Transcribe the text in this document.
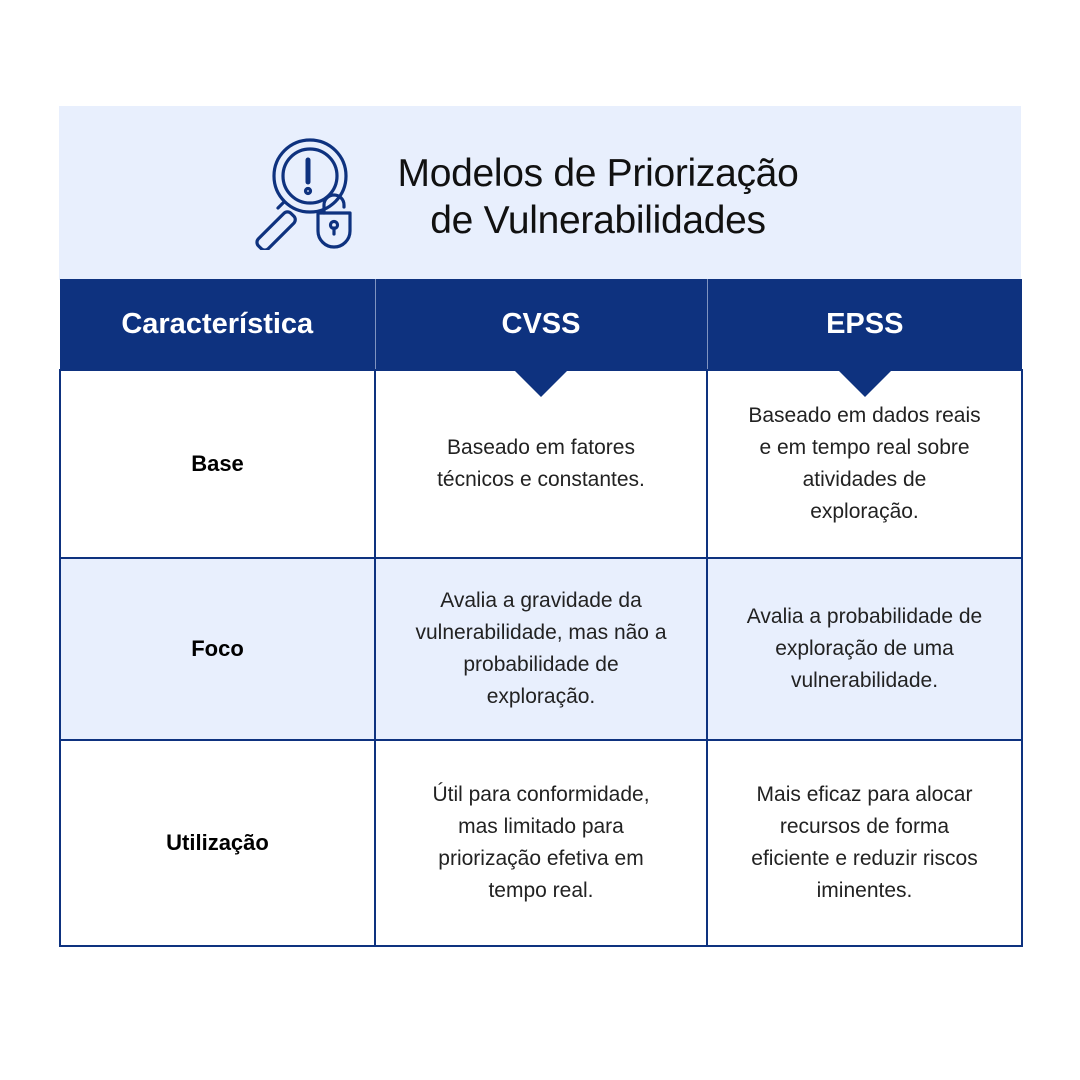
Modelos de Priorização
de Vulnerabilidades
Característica	CVSS	EPSS

Base	Baseado em fatores técnicos e constantes.	Baseado em dados reais e em tempo real sobre atividades de exploração.
Foco	Avalia a gravidade da vulnerabilidade, mas não a probabilidade de exploração.	Avalia a probabilidade de exploração de uma vulnerabilidade.
Utilização	Útil para conformidade, mas limitado para priorização efetiva em tempo real.	Mais eficaz para alocar recursos de forma eficiente e reduzir riscos iminentes.
